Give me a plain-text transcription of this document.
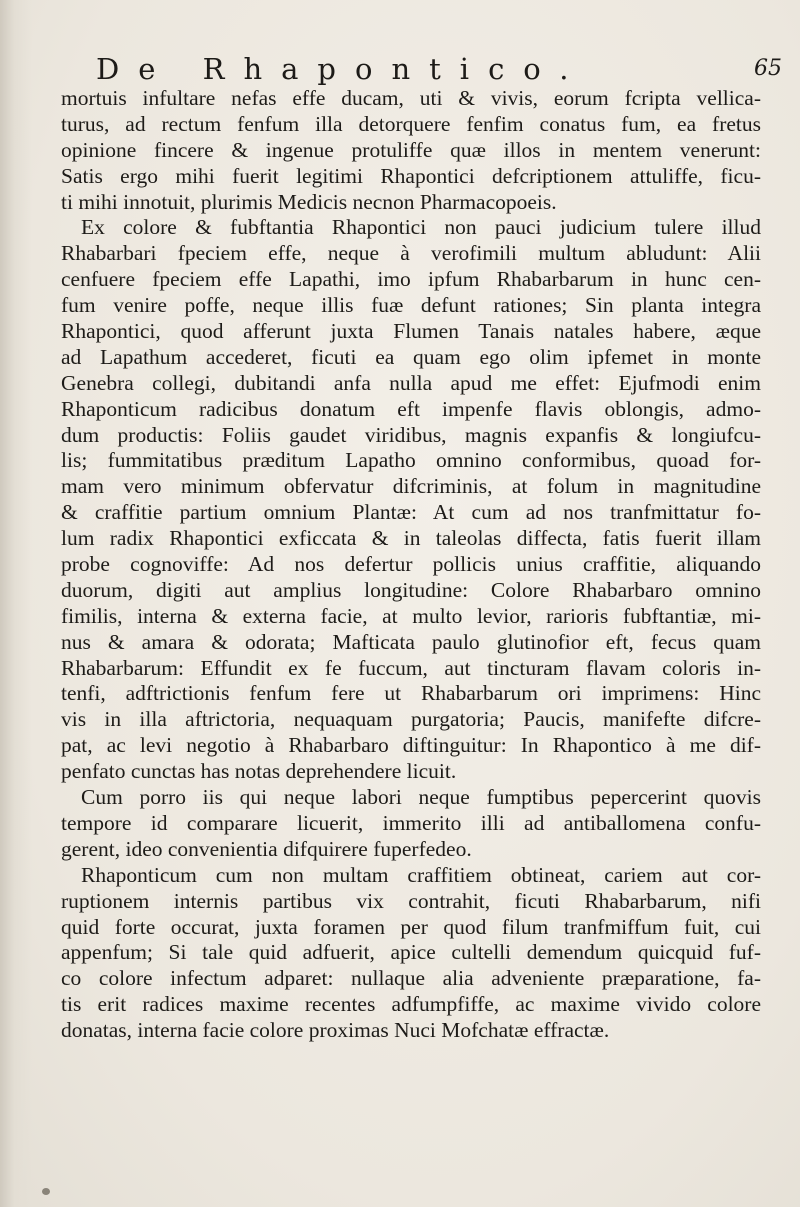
De Rhapontico.	65
mortuis infultare nefas effe ducam, uti & vivis, eorum fcripta vellica-
turus, ad rectum fenfum illa detorquere fenfim conatus fum, ea fretus
opinione fincere & ingenue protuliffe quæ illos in mentem venerunt:
Satis ergo mihi fuerit legitimi Rhapontici defcriptionem attuliffe, ficu-
ti mihi innotuit, plurimis Medicis necnon Pharmacopoeis.
Ex colore & fubftantia Rhapontici non pauci judicium tulere illud
Rhabarbari fpeciem effe, neque à verofimili multum abludunt: Alii
cenfuere fpeciem effe Lapathi, imo ipfum Rhabarbarum in hunc cen-
fum venire poffe, neque illis fuæ defunt rationes; Sin planta integra
Rhapontici, quod afferunt juxta Flumen Tanais natales habere, æque
ad Lapathum accederet, ficuti ea quam ego olim ipfemet in monte
Genebra collegi, dubitandi anfa nulla apud me effet: Ejufmodi enim
Rhaponticum radicibus donatum eft impenfe flavis oblongis, admo-
dum productis: Foliis gaudet viridibus, magnis expanfis & longiufcu-
lis; fummitatibus præditum Lapatho omnino conformibus, quoad for-
mam vero minimum obfervatur difcriminis, at folum in magnitudine
& craffitie partium omnium Plantæ: At cum ad nos tranfmittatur fo-
lum radix Rhapontici exficcata & in taleolas diffecta, fatis fuerit illam
probe cognoviffe: Ad nos defertur pollicis unius craffitie, aliquando
duorum, digiti aut amplius longitudine: Colore Rhabarbaro omnino
fimilis, interna & externa facie, at multo levior, rarioris fubftantiæ, mi-
nus & amara & odorata; Mafticata paulo glutinofior eft, fecus quam
Rhabarbarum: Effundit ex fe fuccum, aut tincturam flavam coloris in-
tenfi, adftrictionis fenfum fere ut Rhabarbarum ori imprimens: Hinc
vis in illa aftrictoria, nequaquam purgatoria; Paucis, manifefte difcre-
pat, ac levi negotio à Rhabarbaro diftinguitur: In Rhapontico à me dif-
penfato cunctas has notas deprehendere licuit.
Cum porro iis qui neque labori neque fumptibus pepercerint quovis
tempore id comparare licuerit, immerito illi ad antiballomena confu-
gerent, ideo convenientia difquirere fuperfedeo.
Rhaponticum cum non multam craffitiem obtineat, cariem aut cor-
ruptionem internis partibus vix contrahit, ficuti Rhabarbarum, nifi
quid forte occurat, juxta foramen per quod filum tranfmiffum fuit, cui
appenfum; Si tale quid adfuerit, apice cultelli demendum quicquid fuf-
co colore infectum adparet: nullaque alia adveniente præparatione, fa-
tis erit radices maxime recentes adfumpfiffe, ac maxime vivido colore
donatas, interna facie colore proximas Nuci Mofchatæ effractæ.
